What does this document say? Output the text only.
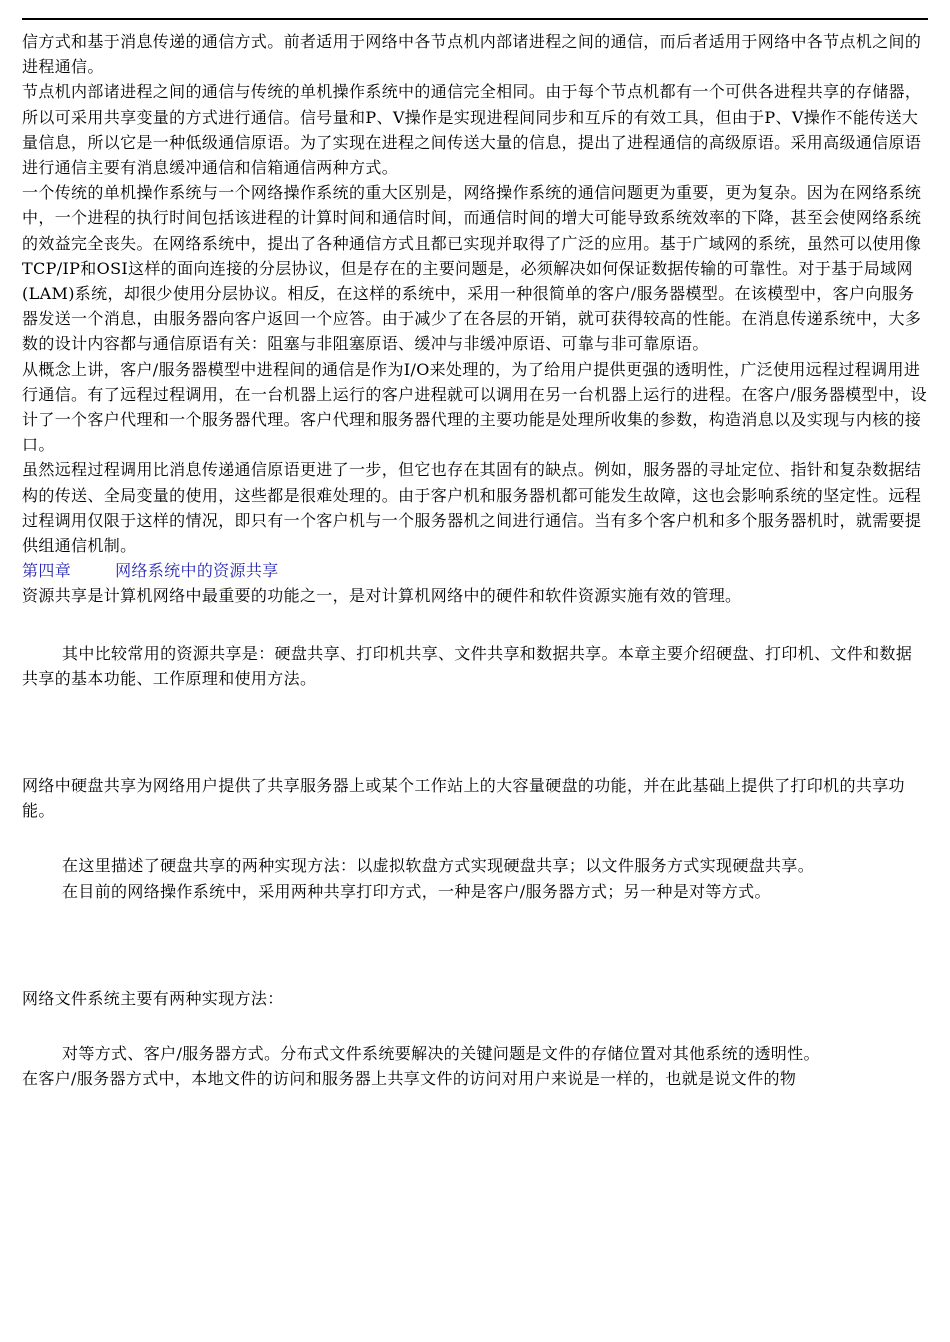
信方式和基于消息传递的通信方式。前者适用于网络中各节点机内部诸进程之间的通信，而后者适用于网络中各节点机之间的进程通信。

节点机内部诸进程之间的通信与传统的单机操作系统中的通信完全相同。由于每个节点机都有一个可供各进程共享的存储器，所以可采用共享变量的方式进行通信。信号量和P、V操作是实现进程间同步和互斥的有效工具，但由于P、V操作不能传送大量信息，所以它是一种低级通信原语。为了实现在进程之间传送大量的信息，提出了进程通信的高级原语。采用高级通信原语进行通信主要有消息缓冲通信和信箱通信两种方式。

一个传统的单机操作系统与一个网络操作系统的重大区别是，网络操作系统的通信问题更为重要，更为复杂。因为在网络系统中，一个进程的执行时间包括该进程的计算时间和通信时间，而通信时间的增大可能导致系统效率的下降，甚至会使网络系统的效益完全丧失。在网络系统中，提出了各种通信方式且都已实现并取得了广泛的应用。基于广域网的系统，虽然可以使用像TCP/IP和OSI这样的面向连接的分层协议，但是存在的主要问题是，必须解决如何保证数据传输的可靠性。对于基于局域网(LAM)系统，却很少使用分层协议。相反，在这样的系统中，采用一种很简单的客户/服务器模型。在该模型中，客户向服务器发送一个消息，由服务器向客户返回一个应答。由于减少了在各层的开销，就可获得较高的性能。在消息传递系统中，大多数的设计内容都与通信原语有关：阻塞与非阻塞原语、缓冲与非缓冲原语、可靠与非可靠原语。

从概念上讲，客户/服务器模型中进程间的通信是作为I/O来处理的，为了给用户提供更强的透明性，广泛使用远程过程调用进行通信。有了远程过程调用，在一台机器上运行的客户进程就可以调用在另一台机器上运行的进程。在客户/服务器模型中，设计了一个客户代理和一个服务器代理。客户代理和服务器代理的主要功能是处理所收集的参数，构造消息以及实现与内核的接口。

虽然远程过程调用比消息传递通信原语更进了一步，但它也存在其固有的缺点。例如，服务器的寻址定位、指针和复杂数据结构的传送、全局变量的使用，这些都是很难处理的。由于客户机和服务器机都可能发生故障，这也会影响系统的坚定性。远程过程调用仅限于这样的情况，即只有一个客户机与一个服务器机之间进行通信。当有多个客户机和多个服务器机时，就需要提供组通信机制。

第四章	网络系统中的资源共享

资源共享是计算机网络中最重要的功能之一，是对计算机网络中的硬件和软件资源实施有效的管理。

其中比较常用的资源共享是：硬盘共享、打印机共享、文件共享和数据共享。本章主要介绍硬盘、打印机、文件和数据共享的基本功能、工作原理和使用方法。

网络中硬盘共享为网络用户提供了共享服务器上或某个工作站上的大容量硬盘的功能，并在此基础上提供了打印机的共享功能。

在这里描述了硬盘共享的两种实现方法：以虚拟软盘方式实现硬盘共享；以文件服务方式实现硬盘共享。

在目前的网络操作系统中，采用两种共享打印方式，一种是客户/服务器方式；另一种是对等方式。

网络文件系统主要有两种实现方法：

对等方式、客户/服务器方式。分布式文件系统要解决的关键问题是文件的存储位置对其他系统的透明性。

在客户/服务器方式中，本地文件的访问和服务器上共享文件的访问对用户来说是一样的，也就是说文件的物
